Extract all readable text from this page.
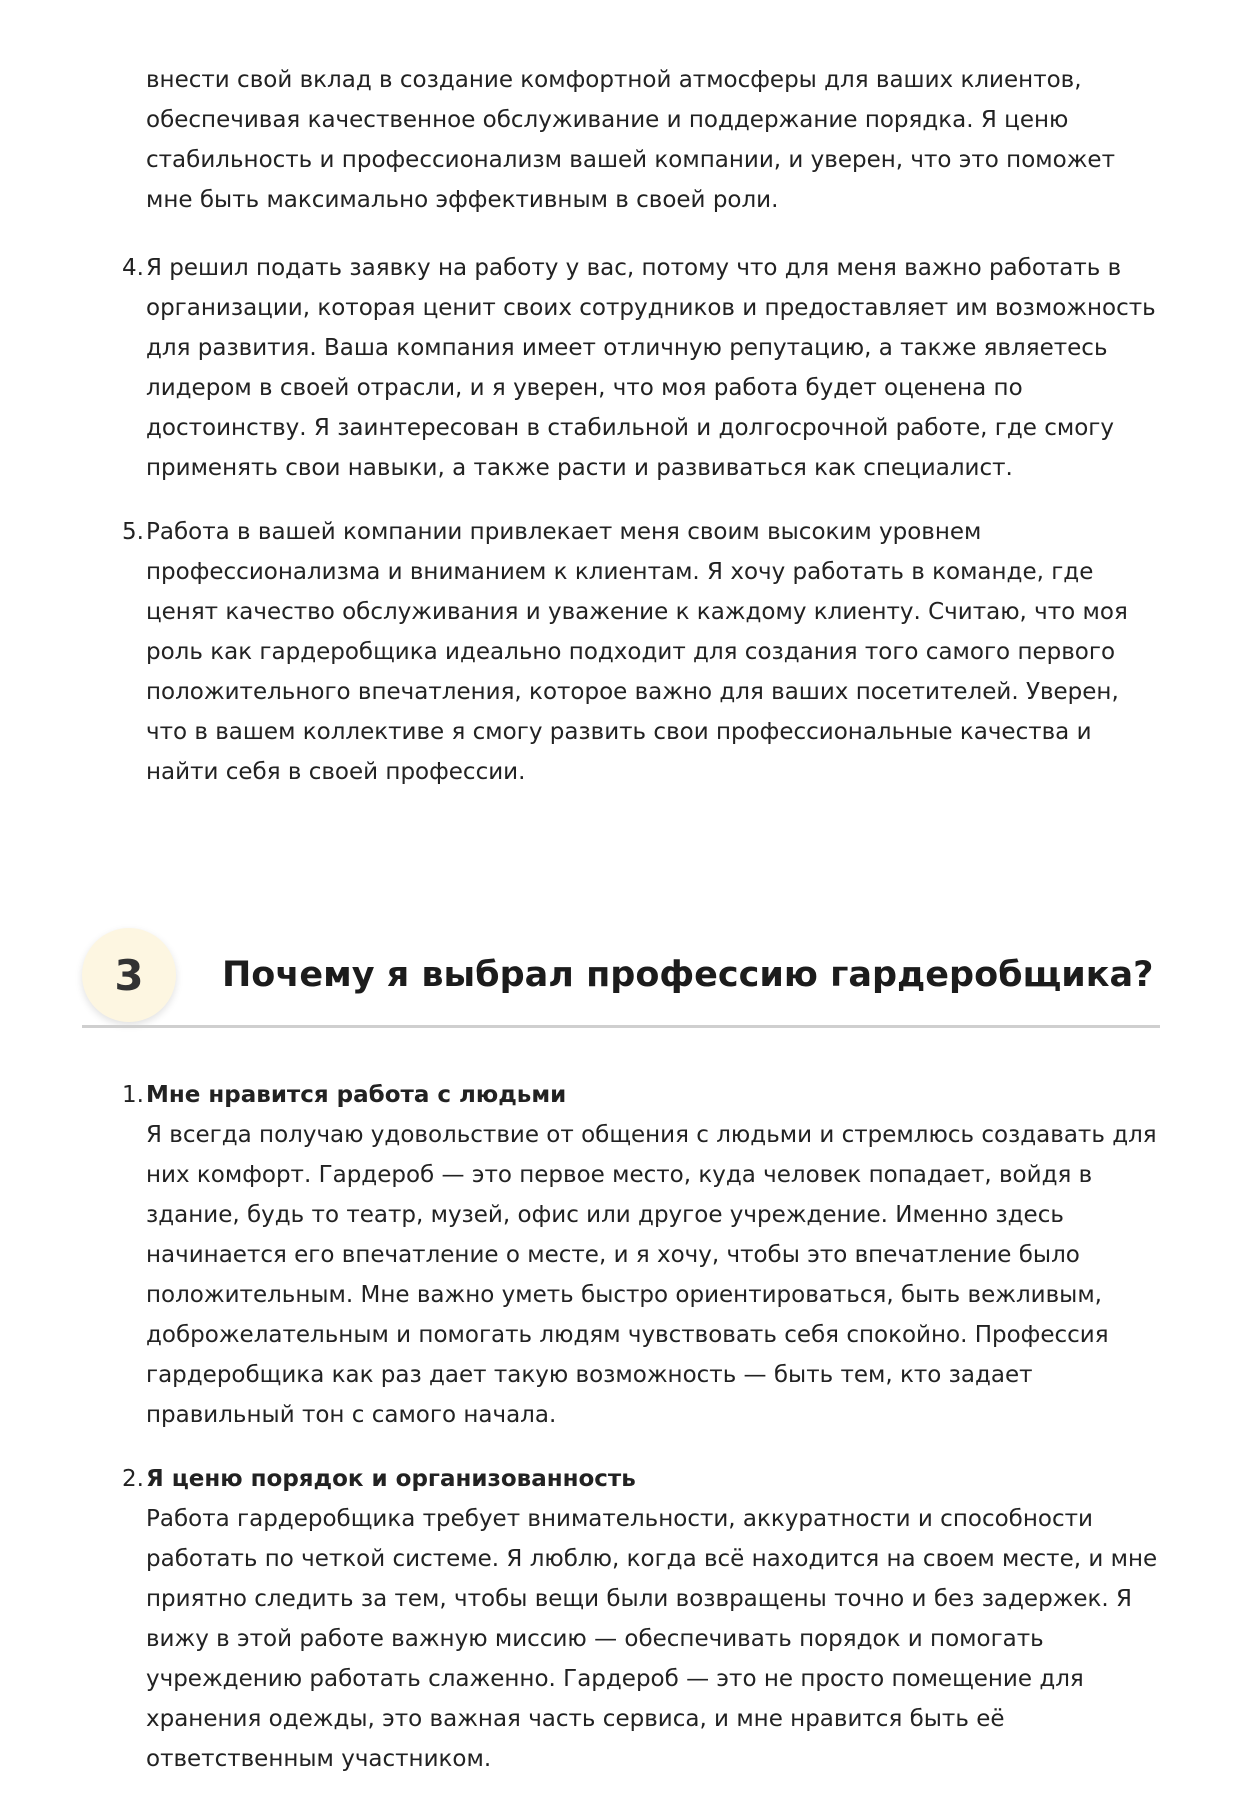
внести свой вклад в создание комфортной атмосферы для ваших клиентов, обеспечивая качественное обслуживание и поддержание порядка. Я ценю стабильность и профессионализм вашей компании, и уверен, что это поможет мне быть максимально эффективным в своей роли.

4. Я решил подать заявку на работу у вас, потому что для меня важно работать в организации, которая ценит своих сотрудников и предоставляет им возможность для развития. Ваша компания имеет отличную репутацию, а также являетесь лидером в своей отрасли, и я уверен, что моя работа будет оценена по достоинству. Я заинтересован в стабильной и долгосрочной работе, где смогу применять свои навыки, а также расти и развиваться как специалист.
5. Работа в вашей компании привлекает меня своим высоким уровнем профессионализма и вниманием к клиентам. Я хочу работать в команде, где ценят качество обслуживания и уважение к каждому клиенту. Считаю, что моя роль как гардеробщика идеально подходит для создания того самого первого положительного впечатления, которое важно для ваших посетителей. Уверен, что в вашем коллективе я смогу развить свои профессиональные качества и найти себя в своей профессии.
3	Почему я выбрал профессию гардеробщика?
1. Мне нравится работа с людьми
Я всегда получаю удовольствие от общения с людьми и стремлюсь создавать для них комфорт. Гардероб — это первое место, куда человек попадает, войдя в здание, будь то театр, музей, офис или другое учреждение. Именно здесь начинается его впечатление о месте, и я хочу, чтобы это впечатление было положительным. Мне важно уметь быстро ориентироваться, быть вежливым, доброжелательным и помогать людям чувствовать себя спокойно. Профессия гардеробщика как раз дает такую возможность — быть тем, кто задает правильный тон с самого начала.
2. Я ценю порядок и организованность
Работа гардеробщика требует внимательности, аккуратности и способности работать по четкой системе. Я люблю, когда всё находится на своем месте, и мне приятно следить за тем, чтобы вещи были возвращены точно и без задержек. Я вижу в этой работе важную миссию — обеспечивать порядок и помогать учреждению работать слаженно. Гардероб — это не просто помещение для хранения одежды, это важная часть сервиса, и мне нравится быть её ответственным участником.
